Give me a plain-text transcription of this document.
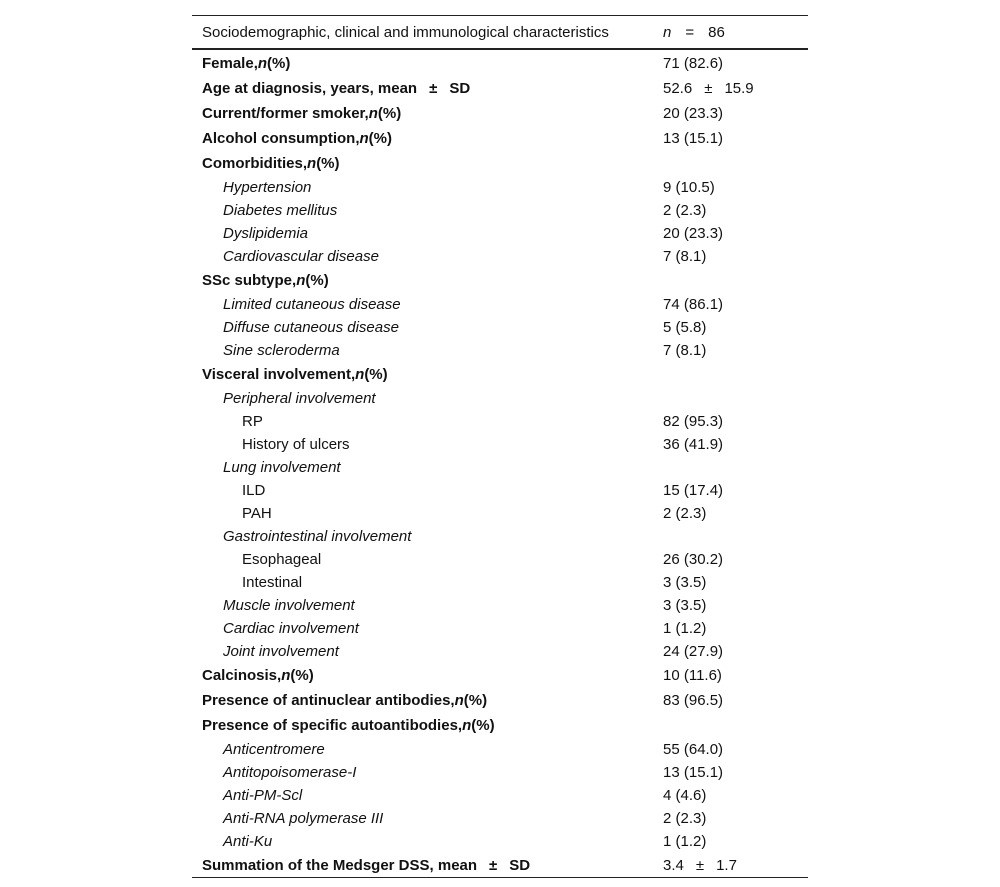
Sociodemographic, clinical and immunological characteristics	n = 86
Female,n(%)	71 (82.6)
Age at diagnosis, years, mean ± SD	52.6 ± 15.9
Current/former smoker,n(%)	20 (23.3)
Alcohol consumption,n(%)	13 (15.1)
Comorbidities,n(%)
Hypertension	9 (10.5)
Diabetes mellitus	2 (2.3)
Dyslipidemia	20 (23.3)
Cardiovascular disease	7 (8.1)
SSc subtype,n(%)
Limited cutaneous disease	74 (86.1)
Diffuse cutaneous disease	5 (5.8)
Sine scleroderma	7 (8.1)
Visceral involvement,n(%)
Peripheral involvement
RP	82 (95.3)
History of ulcers	36 (41.9)
Lung involvement
ILD	15 (17.4)
PAH	2 (2.3)
Gastrointestinal involvement
Esophageal	26 (30.2)
Intestinal	3 (3.5)
Muscle involvement	3 (3.5)
Cardiac involvement	1 (1.2)
Joint involvement	24 (27.9)
Calcinosis,n(%)	10 (11.6)
Presence of antinuclear antibodies,n(%)	83 (96.5)
Presence of specific autoantibodies,n(%)
Anticentromere	55 (64.0)
Antitopoisomerase-I	13 (15.1)
Anti-PM-Scl	4 (4.6)
Anti-RNA polymerase III	2 (2.3)
Anti-Ku	1 (1.2)
Summation of the Medsger DSS, mean ± SD	3.4 ± 1.7
